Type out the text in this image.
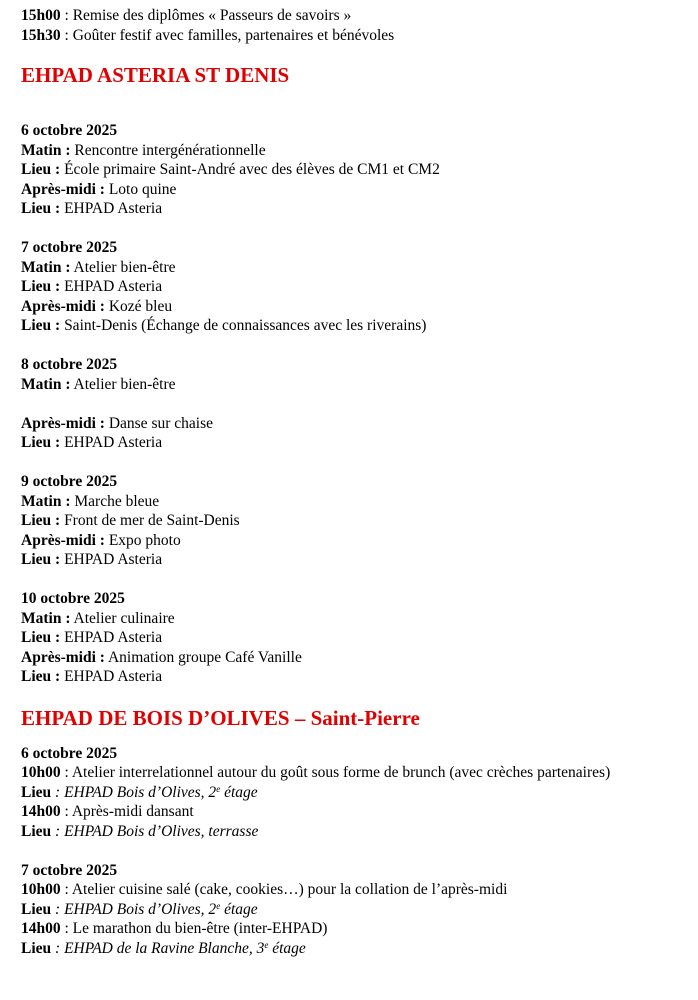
15h00 : Remise des diplômes « Passeurs de savoirs »
15h30 : Goûter festif avec familles, partenaires et bénévoles
EHPAD ASTERIA ST DENIS
6 octobre 2025
Matin : Rencontre intergénérationnelle
Lieu : École primaire Saint-André avec des élèves de CM1 et CM2
Après-midi : Loto quine
Lieu : EHPAD Asteria
7 octobre 2025
Matin : Atelier bien-être
Lieu : EHPAD Asteria
Après-midi : Kozé bleu
Lieu : Saint-Denis (Échange de connaissances avec les riverains)
8 octobre 2025
Matin : Atelier bien-être
Après-midi : Danse sur chaise
Lieu : EHPAD Asteria
9 octobre 2025
Matin : Marche bleue
Lieu : Front de mer de Saint-Denis
Après-midi : Expo photo
Lieu : EHPAD Asteria
10 octobre 2025
Matin : Atelier culinaire
Lieu : EHPAD Asteria
Après-midi : Animation groupe Café Vanille
Lieu : EHPAD Asteria
EHPAD DE BOIS D’OLIVES – Saint-Pierre
6 octobre 2025
10h00 : Atelier interrelationnel autour du goût sous forme de brunch (avec crèches partenaires)
Lieu : EHPAD Bois d’Olives, 2e étage
14h00 : Après-midi dansant
Lieu : EHPAD Bois d’Olives, terrasse
7 octobre 2025
10h00 : Atelier cuisine salé (cake, cookies…) pour la collation de l’après-midi
Lieu : EHPAD Bois d’Olives, 2e étage
14h00 : Le marathon du bien-être (inter-EHPAD)
Lieu : EHPAD de la Ravine Blanche, 3e étage
